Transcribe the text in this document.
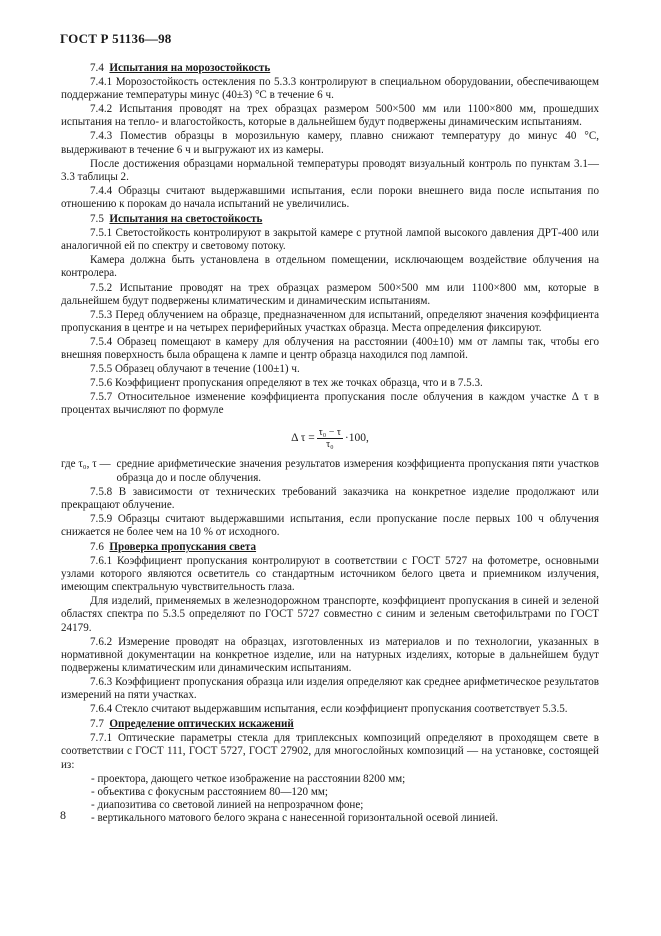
ГОСТ Р 51136—98
7.4 Испытания на морозостойкость
7.4.1 Морозостойкость остекления по 5.3.3 контролируют в специальном оборудовании, обеспечивающем поддержание температуры минус (40±3) °С в течение 6 ч.
7.4.2 Испытания проводят на трех образцах размером 500×500 мм или 1100×800 мм, прошедших испытания на тепло- и влагостойкость, которые в дальнейшем будут подвержены динамическим испытаниям.
7.4.3 Поместив образцы в морозильную камеру, плавно снижают температуру до минус 40 °С, выдерживают в течение 6 ч и выгружают их из камеры.
После достижения образцами нормальной температуры проводят визуальный контроль по пунктам 3.1—3.3 таблицы 2.
7.4.4 Образцы считают выдержавшими испытания, если пороки внешнего вида после испытания по отношению к порокам до начала испытаний не увеличились.
7.5 Испытания на светостойкость
7.5.1 Светостойкость контролируют в закрытой камере с ртутной лампой высокого давления ДРТ-400 или аналогичной ей по спектру и световому потоку.
Камера должна быть установлена в отдельном помещении, исключающем воздействие облучения на контролера.
7.5.2 Испытание проводят на трех образцах размером 500×500 мм или 1100×800 мм, которые в дальнейшем будут подвержены климатическим и динамическим испытаниям.
7.5.3 Перед облучением на образце, предназначенном для испытаний, определяют значения коэффициента пропускания в центре и на четырех периферийных участках образца. Места определения фиксируют.
7.5.4 Образец помещают в камеру для облучения на расстоянии (400±10) мм от лампы так, чтобы его внешняя поверхность была обращена к лампе и центр образца находился под лампой.
7.5.5 Образец облучают в течение (100±1) ч.
7.5.6 Коэффициент пропускания определяют в тех же точках образца, что и в 7.5.3.
7.5.7 Относительное изменение коэффициента пропускания после облучения в каждом участке Δ τ в процентах вычисляют по формуле
Δ $\tau = \frac{\text{τ₀ − τ}}{\text{τ₀}} \cdot 100$,
где τ₀, τ — средние арифметические значения результатов измерения коэффициента пропускания пяти участков образца до и после облучения.
7.5.8 В зависимости от технических требований заказчика на конкретное изделие продолжают или прекращают облучение.
7.5.9 Образцы считают выдержавшими испытания, если пропускание после первых 100 ч облучения снижается не более чем на 10 % от исходного.
7.6 Проверка пропускания света
7.6.1 Коэффициент пропускания контролируют в соответствии с ГОСТ 5727 на фотометре, основными узлами которого являются осветитель со стандартным источником белого цвета и приемником излучения, имеющим спектральную чувствительность глаза.
Для изделий, применяемых в железнодорожном транспорте, коэффициент пропускания в синей и зеленой областях спектра по 5.3.5 определяют по ГОСТ 5727 совместно с синим и зеленым светофильтрами по ГОСТ 24179.
7.6.2 Измерение проводят на образцах, изготовленных из материалов и по технологии, указанных в нормативной документации на конкретное изделие, или на натурных изделиях, которые в дальнейшем будут подвержены климатическим или динамическим испытаниям.
7.6.3 Коэффициент пропускания образца или изделия определяют как среднее арифметическое результатов измерений на пяти участках.
7.6.4 Стекло считают выдержавшим испытания, если коэффициент пропускания соответствует 5.3.5.
7.7 Определение оптических искажений
7.7.1 Оптические параметры стекла для триплексных композиций определяют в проходящем свете в соответствии с ГОСТ 111, ГОСТ 5727, ГОСТ 27902, для многослойных композиций — на установке, состоящей из:
- проектора, дающего четкое изображение на расстоянии 8200 мм;
- объектива с фокусным расстоянием 80—120 мм;
- диапозитива со световой линией на непрозрачном фоне;
- вертикального матового белого экрана с нанесенной горизонтальной осевой линией.
8
